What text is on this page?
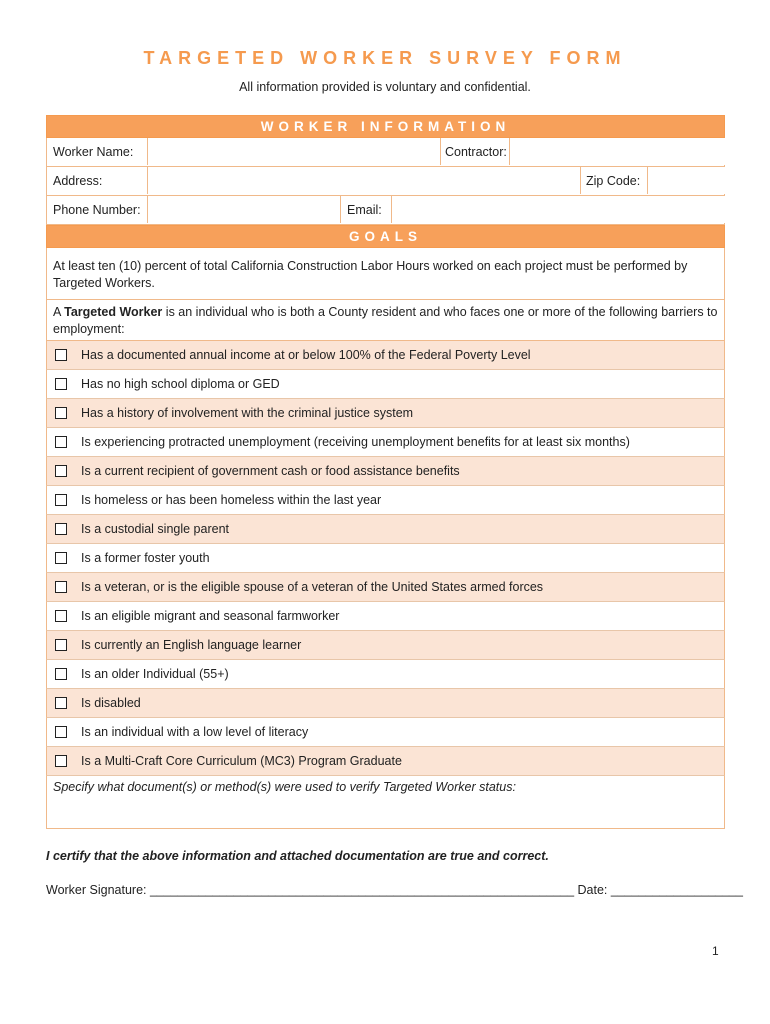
TARGETED WORKER SURVEY FORM
All information provided is voluntary and confidential.
WORKER INFORMATION
Worker Name:	Contractor:
Address:	Zip Code:
Phone Number:	Email:
GOALS
At least ten (10) percent of total California Construction Labor Hours worked on each project must be performed by Targeted Workers.
A Targeted Worker is an individual who is both a County resident and who faces one or more of the following barriers to employment:
Has a documented annual income at or below 100% of the Federal Poverty Level
Has no high school diploma or GED
Has a history of involvement with the criminal justice system
Is experiencing protracted unemployment (receiving unemployment benefits for at least six months)
Is a current recipient of government cash or food assistance benefits
Is homeless or has been homeless within the last year
Is a custodial single parent
Is a former foster youth
Is a veteran, or is the eligible spouse of a veteran of the United States armed forces
Is an eligible migrant and seasonal farmworker
Is currently an English language learner
Is an older Individual (55+)
Is disabled
Is an individual with a low level of literacy
Is a Multi-Craft Core Curriculum (MC3) Program Graduate
Specify what document(s) or method(s) were used to verify Targeted Worker status:
I certify that the above information and attached documentation are true and correct.
Worker Signature: _____________________________________________________________ Date: ___________________
1
